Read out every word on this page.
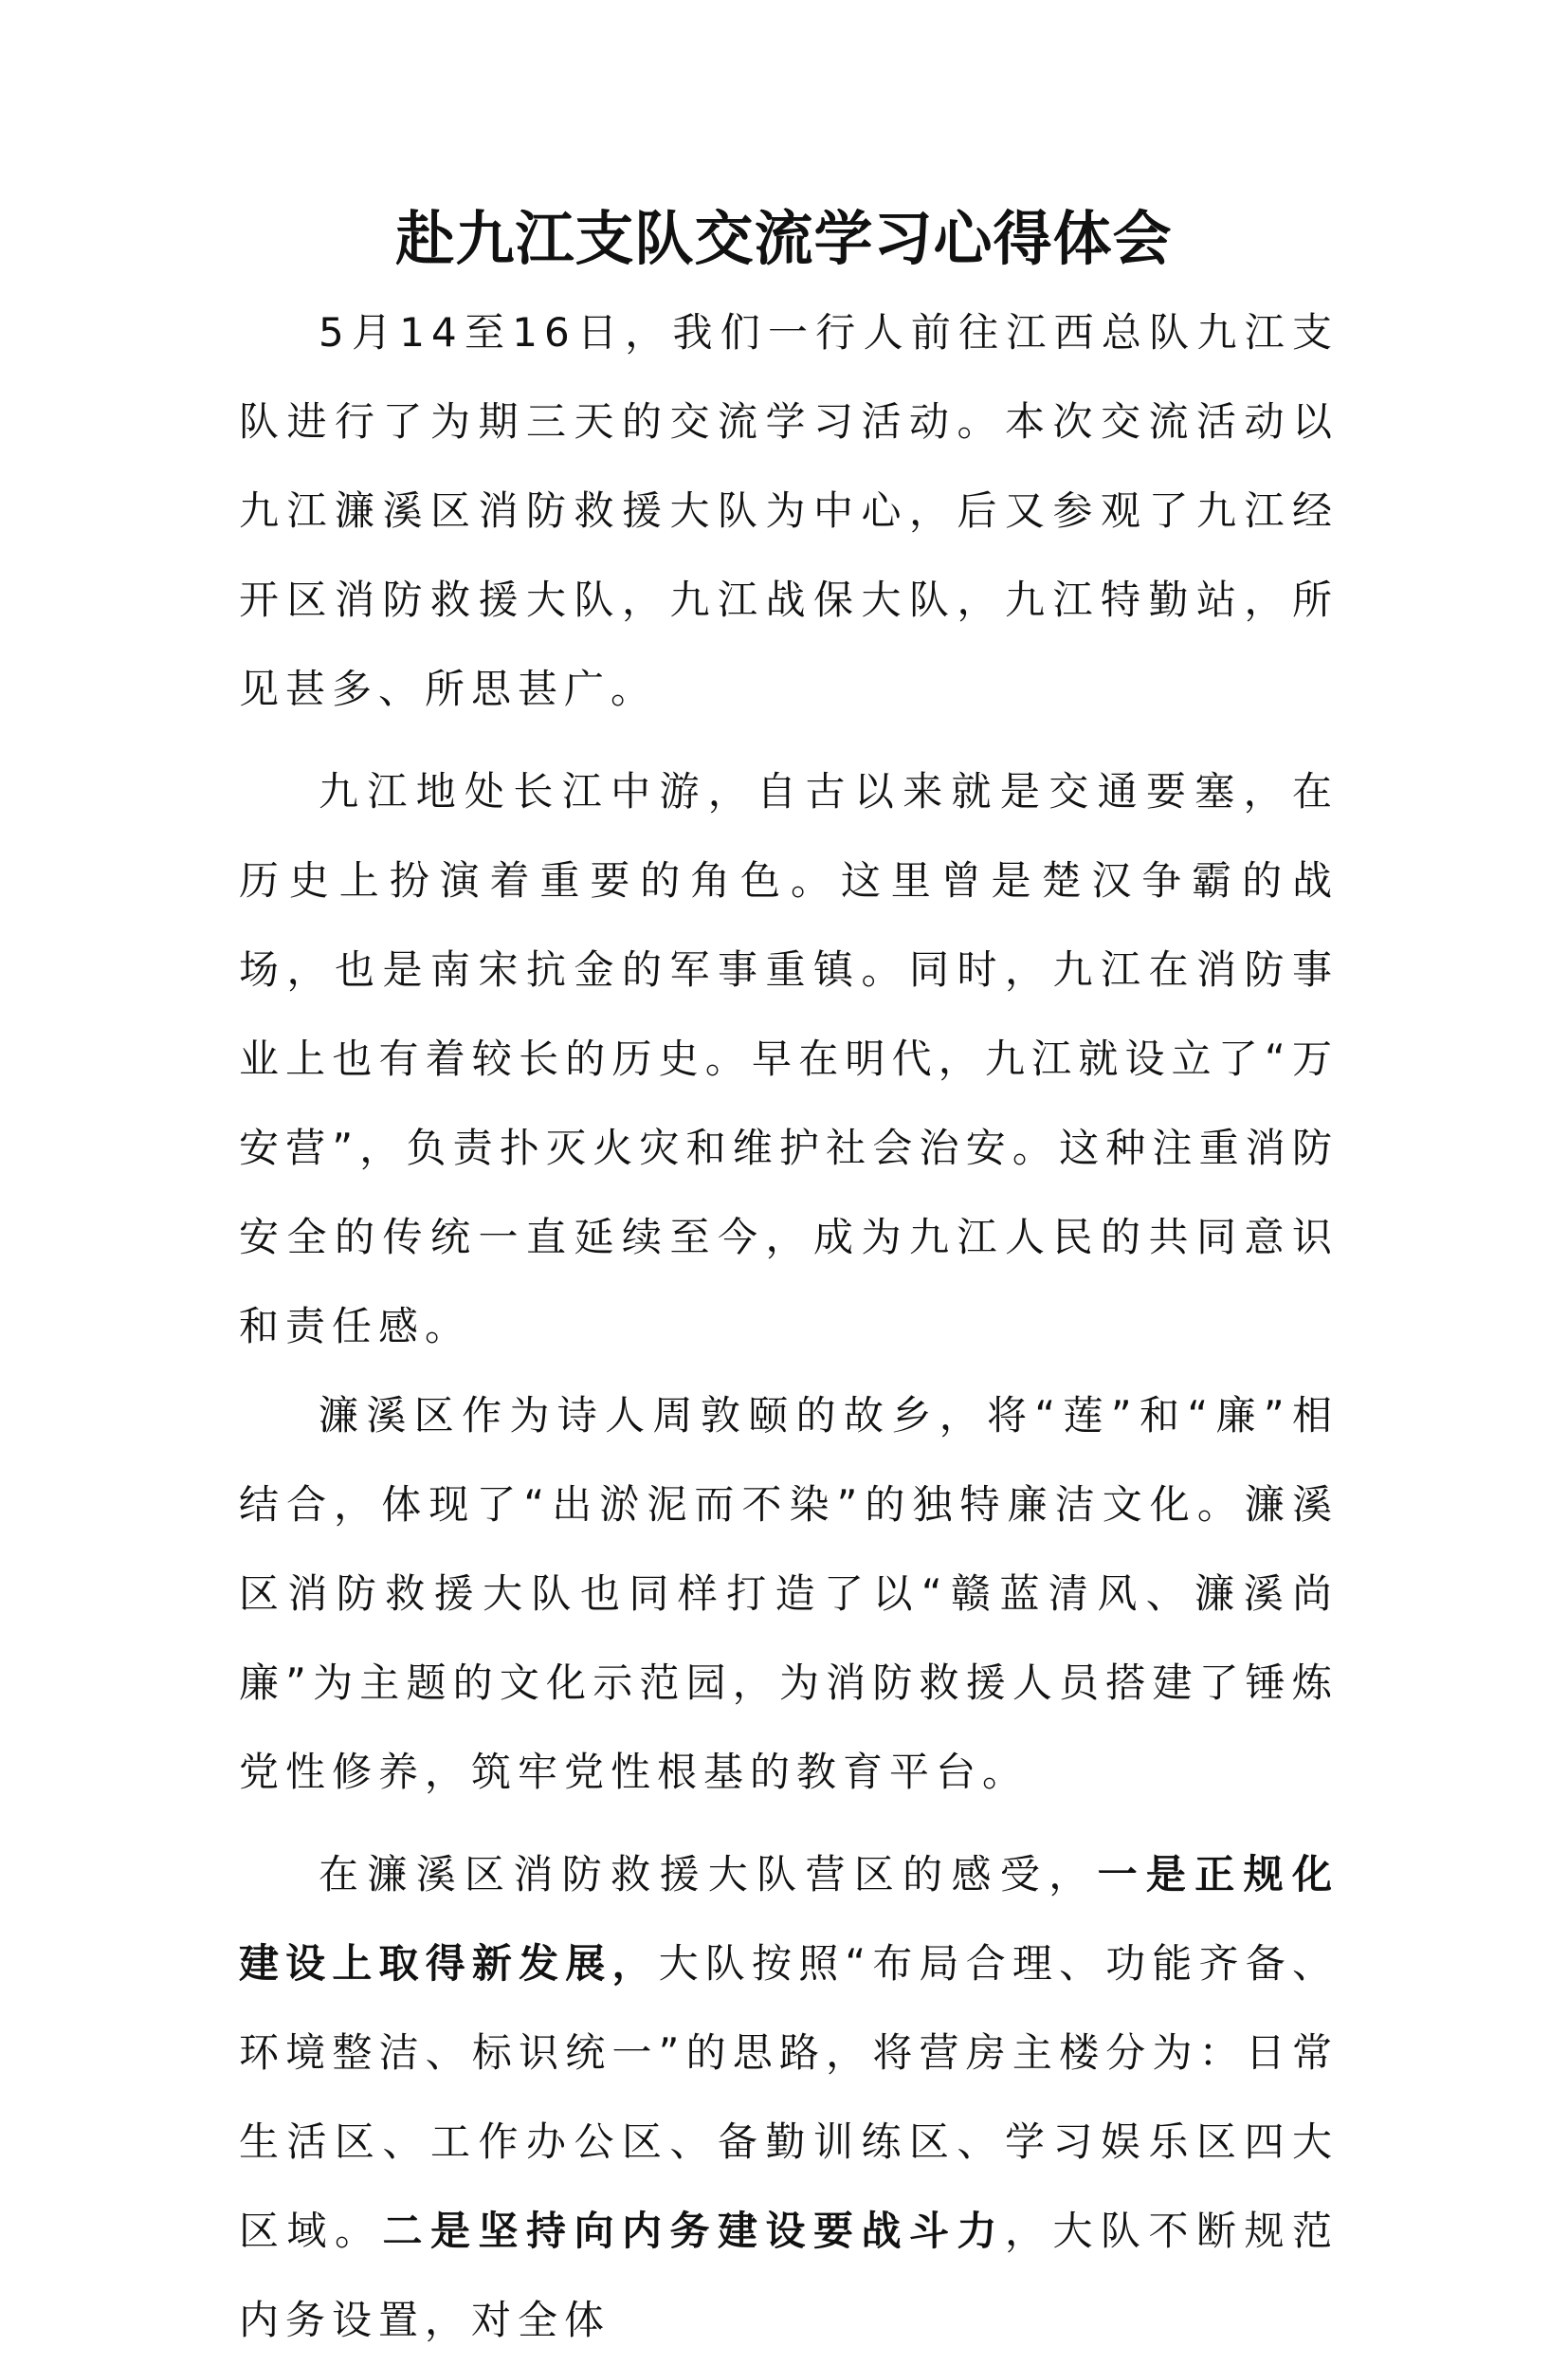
赴九江支队交流学习心得体会

5月14至16日，我们一行人前往江西总队九江支队进行了为期三天的交流学习活动。本次交流活动以九江濂溪区消防救援大队为中心，后又参观了九江经开区消防救援大队，九江战保大队，九江特勤站，所见甚多、所思甚广。

九江地处长江中游，自古以来就是交通要塞，在历史上扮演着重要的角色。这里曾是楚汉争霸的战场，也是南宋抗金的军事重镇。同时，九江在消防事业上也有着较长的历史。早在明代，九江就设立了“万安营”，负责扑灭火灾和维护社会治安。这种注重消防安全的传统一直延续至今，成为九江人民的共同意识和责任感。

濂溪区作为诗人周敦颐的故乡，将“莲”和“廉”相结合，体现了“出淤泥而不染”的独特廉洁文化。濂溪区消防救援大队也同样打造了以“赣蓝清风、濂溪尚廉”为主题的文化示范园，为消防救援人员搭建了锤炼党性修养，筑牢党性根基的教育平台。

在濂溪区消防救援大队营区的感受，一是正规化建设上取得新发展，大队按照“布局合理、功能齐备、环境整洁、标识统一”的思路，将营房主楼分为：日常生活区、工作办公区、备勤训练区、学习娱乐区四大区域。二是坚持向内务建设要战斗力，大队不断规范内务设置，对全体
